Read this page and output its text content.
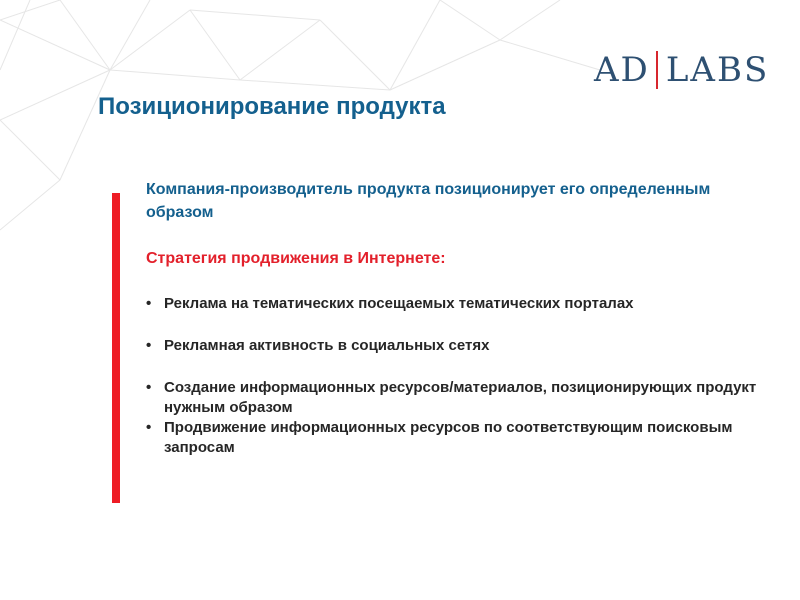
AD LABS
Позиционирование продукта

Компания-производитель продукта позиционирует его определенным образом

Стратегия продвижения в Интернете:

• Реклама на тематических посещаемых тематических порталах
• Рекламная активность в социальных сетях
• Создание информационных ресурсов/материалов, позиционирующих продукт нужным образом
• Продвижение информационных ресурсов по соответствующим поисковым запросам
